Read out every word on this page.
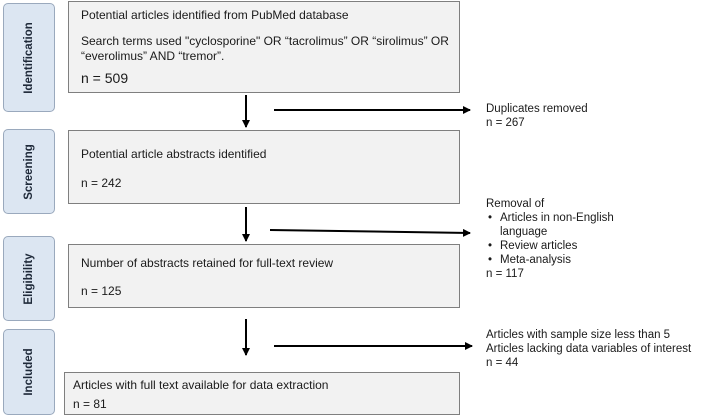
Identification
Screening
Eligibility
Included
Potential articles identified from PubMed database
Search terms used "cyclosporine" OR “tacrolimus” OR “sirolimus” OR
“everolimus” AND “tremor”.
n = 509
Potential article abstracts identified
n = 242
Number of abstracts retained for full-text review
n = 125
Articles with full text available for data extraction
n = 81
Duplicates removed
n = 267
Removal of
• Articles in non-English
language
• Review articles
• Meta-analysis
n = 117
Articles with sample size less than 5
Articles lacking data variables of interest
n = 44
